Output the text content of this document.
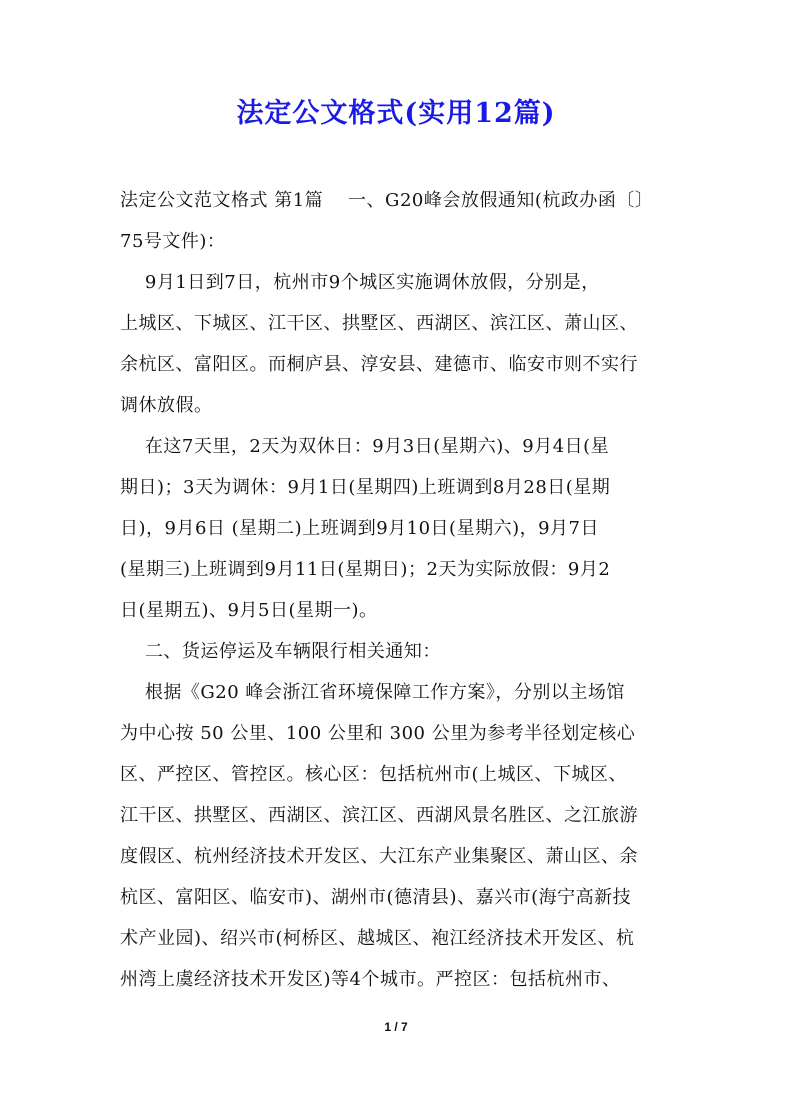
法定公文格式(实用12篇)
法定公文范文格式 第1篇    一、G20峰会放假通知(杭政办函〔〕
75号文件)：
9月1日到7日，杭州市9个城区实施调休放假，分别是，
上城区、下城区、江干区、拱墅区、西湖区、滨江区、萧山区、
余杭区、富阳区。而桐庐县、淳安县、建德市、临安市则不实行
调休放假。
在这7天里，2天为双休日：9月3日(星期六)、9月4日(星
期日)；3天为调休：9月1日(星期四)上班调到8月28日(星期
日)，9月6日 (星期二)上班调到9月10日(星期六)，9月7日
(星期三)上班调到9月11日(星期日)；2天为实际放假：9月2
日(星期五)、9月5日(星期一)。
二、货运停运及车辆限行相关通知：
根据《G20 峰会浙江省环境保障工作方案》，分别以主场馆
为中心按 50 公里、100 公里和 300 公里为参考半径划定核心
区、严控区、管控区。核心区：包括杭州市(上城区、下城区、
江干区、拱墅区、西湖区、滨江区、西湖风景名胜区、之江旅游
度假区、杭州经济技术开发区、大江东产业集聚区、萧山区、余
杭区、富阳区、临安市)、湖州市(德清县)、嘉兴市(海宁高新技
术产业园)、绍兴市(柯桥区、越城区、袍江经济技术开发区、杭
州湾上虞经济技术开发区)等4个城市。严控区：包括杭州市、
1 / 7
